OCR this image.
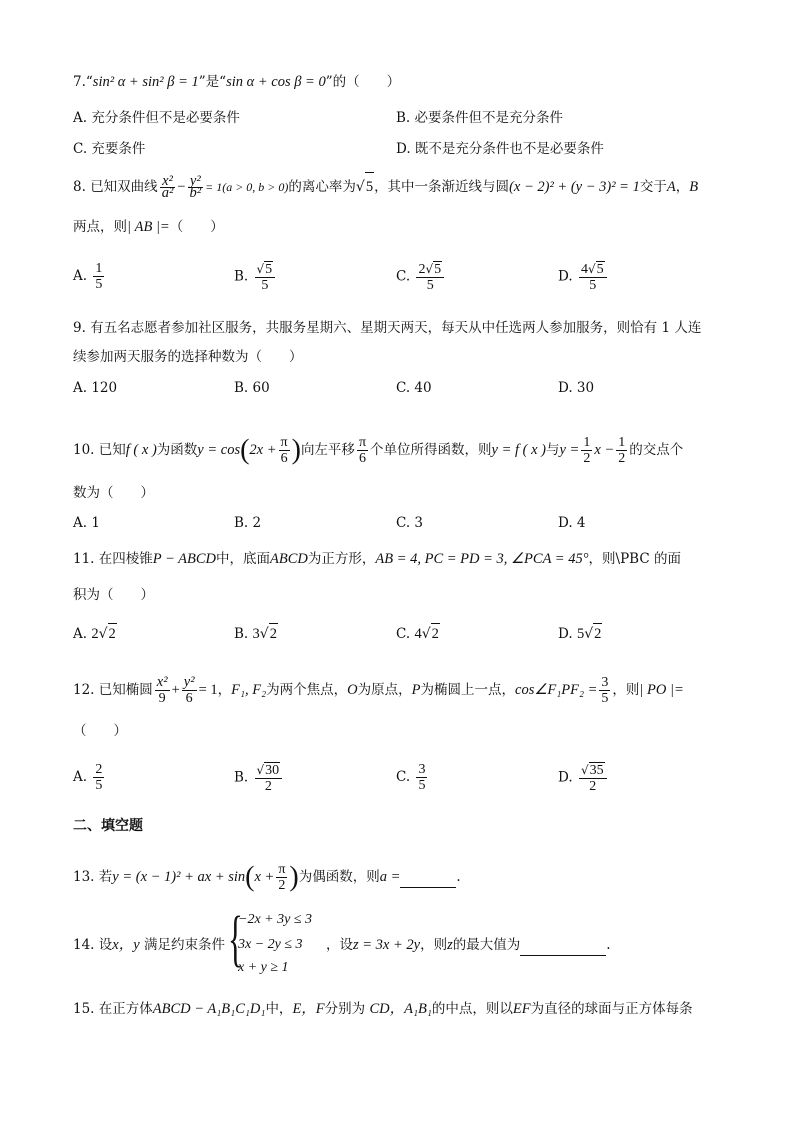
7.“sin² α + sin² β = 1”是“sin α + cos β = 0”的（　　）
A. 充分条件但不是必要条件	B. 必要条件但不是充分条件
C. 充要条件	D. 既不是充分条件也不是必要条件
8. 已知双曲线 $\frac{\text{x²}}{\text{a²}} - \frac{\text{y²}}{\text{b²}} = 1(a > 0$, b > 0)的离心率为√5，其中一条渐近线与圆(x − 2)² + (y − 3)² = 1交于A，B
两点，则| AB |=（　　）
A. $\frac{1}{5}$	B. $\frac{√5}{5}$	C. $\frac{2√5}{5}$	D. $\frac{4√5}{5}$
9. 有五名志愿者参加社区服务，共服务星期六、星期天两天，每天从中任选两人参加服务，则恰有 1 人连
续参加两天服务的选择种数为（　　）
A. 120	B. 60	C. 40	D. 30
10. 已知f ( x )为函数$y = \cos(2x + \frac{\pi}{6}$ )向左平移 $\frac{\pi}{6}$ 个单位所得函数，则y = f ( x )与$y = \frac{1}{2}$ $x - \frac{1}{2}$ 的交点个
数为（　　）
A. 1	B. 2	C. 3	D. 4
11. 在四棱锥P − ABCD中，底面ABCD为正方形，AB = 4, PC = PD = 3, ∠PCA = 45°，则\PBC 的面
积为（　　）
A. 2√2	B. 3√2	C. 4√2	D. 5√2
12. 已知椭圆 $\frac{\text{x²}}{9} + \frac{\text{y²}}{6} = 1$，F₁, F₂为两个焦点，O为原点，P为椭圆上一点，cos∠F₁PF₂ = $\frac{3}{5}$ ，则| PO |=
（　　）
A. $\frac{2}{5}$	B. $\frac{√30}{2}$	C. $\frac{3}{5}$	D. $\frac{√35}{2}$
二、填空题
13. 若y = (x − 1)² + ax + $\sin(x + \frac{\pi}{2}$ )为偶函数，则a =	.
14. 设x，y 满足约束条件 {
−2x + 3y ≤ 3
3x − 2y ≤ 3
x + y ≥ 1
，设z = 3x + 2y，则z的最大值为	.
15. 在正方体ABCD − A₁B₁C₁D₁中，E，F分别为 CD，A₁B₁的中点，则以EF为直径的球面与正方体每条
